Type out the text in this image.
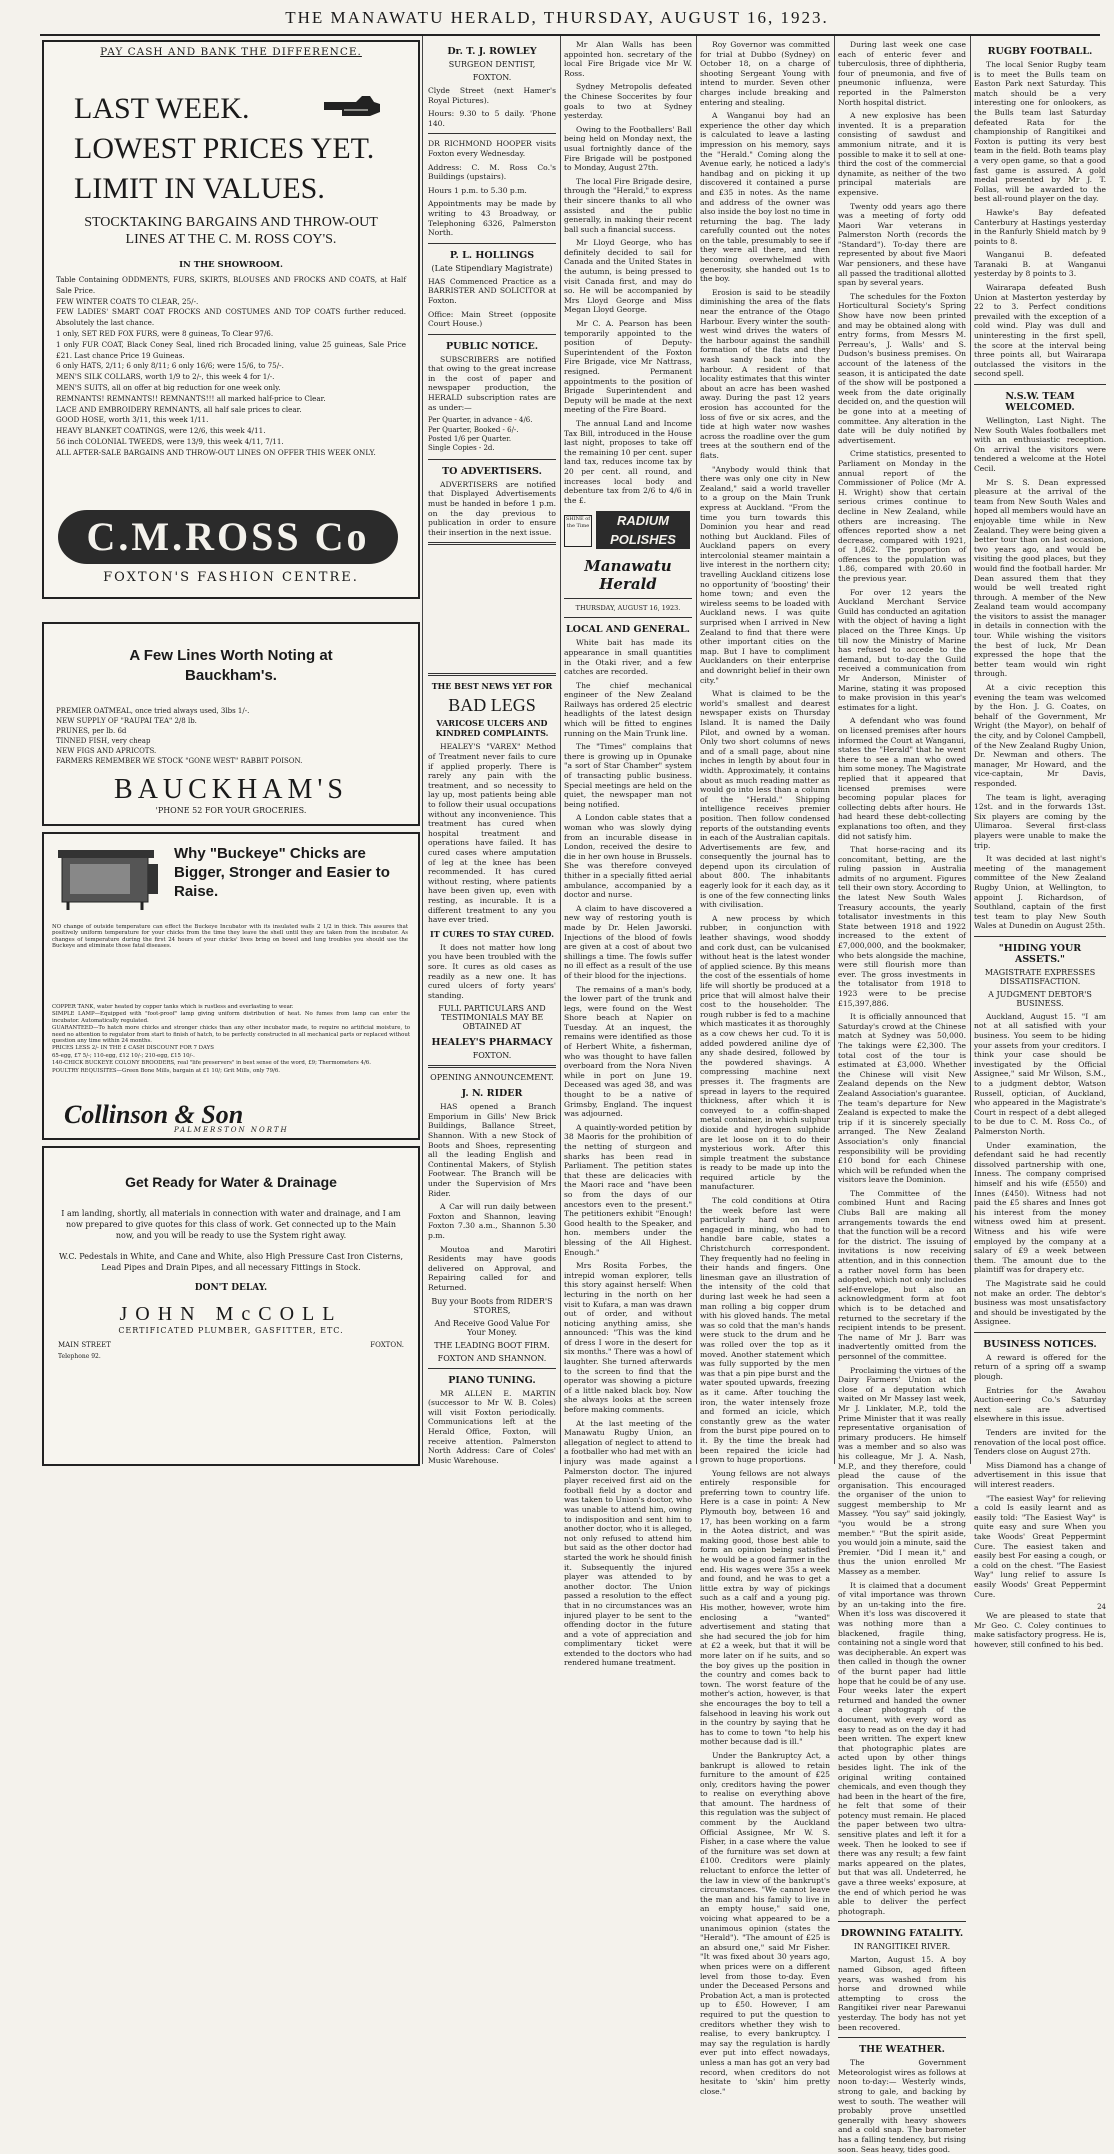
THE MANAWATU HERALD, THURSDAY, AUGUST 16, 1923.
PAY CASH AND BANK THE DIFFERENCE.
LAST WEEK.
LOWEST PRICES YET.
LIMIT IN VALUES.
STOCKTAKING BARGAINS AND THROW-OUT LINES AT THE C. M. ROSS COY'S.
IN THE SHOWROOM.

Table Containing ODDMENTS, FURS, SKIRTS, BLOUSES AND FROCKS AND COATS, at Half Sale Price.

FEW WINTER COATS TO CLEAR, 25/-.

FEW LADIES' SMART COAT FROCKS AND COSTUMES AND TOP COATS further reduced. Absolutely the last chance.

1 only, SET RED FOX FURS, were 8 guineas, To Clear 97/6.

1 only FUR COAT, Black Coney Seal, lined rich Brocaded lining, value 25 guineas, Sale Price £21. Last chance Price 19 Guineas.

6 only HATS, 2/11; 6 only 8/11; 6 only 16/6; were 15/6, to 75/-.

MEN'S SILK COLLARS, worth 1/9 to 2/-, this week 4 for 1/-.

MEN'S SUITS, all on offer at big reduction for one week only.

REMNANTS! REMNANTS!! REMNANTS!!! all marked half-price to Clear.

LACE AND EMBROIDERY REMNANTS, all half sale prices to clear.

GOOD HOSE, worth 3/11, this week 1/11.

HEAVY BLANKET COATINGS, were 12/6, this week 4/11.

56 inch COLONIAL TWEEDS, were 13/9, this week 4/11, 7/11.

ALL AFTER-SALE BARGAINS AND THROW-OUT LINES ON OFFER THIS WEEK ONLY.

C.M.ROSS Co
FOXTON'S FASHION CENTRE.
A Few Lines Worth Noting at Bauckham's.

PREMIER OATMEAL, once tried always used, 3lbs 1/-.

NEW SUPPLY OF "RAUPAI TEA" 2/8 lb.

PRUNES, per lb. 6d

TINNED FISH, very cheap

NEW FIGS AND APRICOTS.

FARMERS REMEMBER WE STOCK "GONE WEST" RABBIT POISON.

BAUCKHAM'S
'PHONE 52 FOR YOUR GROCERIES.
Why "Buckeye" Chicks are Bigger, Stronger and Easier to Raise.

NO change of outside temperature can effect the Buckeye Incubator with its insulated walls 2 1/2 in thick. This assures that positively uniform temperature for your chicks from the time they leave the shell until they are taken from the incubator. As changes of temperature during the first 24 hours of your chicks' lives bring on bowel and lung troubles you should use the Buckeye and eliminate those fatal diseases.

COPPER TANK, water heated by copper tanks which is rustless and everlasting to wear.

SIMPLE LAMP—Equipped with "foot-proof" lamp giving uniform distribution of heat. No fumes from lamp can enter the incubator. Automatically regulated.

GUARANTEED—To hatch more chicks and stronger chicks than any other incubator made, to require no artificial moisture, to need no attention to regulator from start to finish of hatch, to be perfectly constructed in all mechanical parts or replaced without question any time within 24 months.

PRICES LESS 2/- IN THE £ CASH DISCOUNT FOR 7 DAYS

65-egg, £7 5/-; 110-egg, £12 10/-; 210-egg, £15 10/-.

140-CHICK BUCKEYE COLONY BROODERS, real "life preservers" in best sense of the word, £9; Thermometers 4/6.

POULTRY REQUISITES—Green Bone Mills, bargain at £1 10/; Grit Mills, only 79/6.

Collinson & Son
PALMERSTON NORTH
Get Ready for Water & Drainage

I am landing, shortly, all materials in connection with water and drainage, and I am now prepared to give quotes for this class of work. Get connected up to the Main now, and you will be ready to use the System right away.

W.C. Pedestals in White, and Cane and White, also High Pressure Cast Iron Cisterns, Lead Pipes and Drain Pipes, and all necessary Fittings in Stock.

DON'T DELAY.
JOHN McCOLL
CERTIFICATED PLUMBER, GASFITTER, ETC.
MAIN STREET	FOXTON.
Telephone 92.
Dr. T. J. ROWLEY
SURGEON DENTIST,
FOXTON.

Clyde Street (next Hamer's Royal Pictures).

Hours: 9.30 to 5 daily. 'Phone 140.

DR RICHMOND HOOPER visits Foxton every Wednesday.

Address: C. M. Ross Co.'s Buildings (upstairs).

Hours 1 p.m. to 5.30 p.m.

Appointments may be made by writing to 43 Broadway, or Telephoning 6326, Palmerston North.

P. L. HOLLINGS
(Late Stipendiary Magistrate)

HAS Commenced Practice as a BARRISTER AND SOLICITOR at Foxton.

Office: Main Street (opposite Court House.)

PUBLIC NOTICE.

SUBSCRIBERS are notified that owing to the great increase in the cost of paper and newspaper production, the HERALD subscription rates are as under:—

Per Quarter, in advance - 4/6.

Per Quarter, Booked - 6/-.

Posted 1/6 per Quarter.

Single Copies - 2d.

TO ADVERTISERS.

ADVERTISERS are notified that Displayed Advertisements must be handed in before 1 p.m. on the day previous to publication in order to ensure their insertion in the next issue.

THE BEST NEWS YET FOR
BAD LEGS
VARICOSE ULCERS AND KINDRED COMPLAINTS.

HEALEY'S "VAREX" Method of Treatment never fails to cure if applied properly. There is rarely any pain with the treatment, and so necessity to lay up, most patients being able to follow their usual occupations without any inconvenience. This treatment has cured when hospital treatment and operations have failed. It has cured cases where amputation of leg at the knee has been recommended. It has cured without resting, where patients have been given up, even with resting, as incurable. It is a different treatment to any you have ever tried.

IT CURES TO STAY CURED.

It does not matter how long you have been troubled with the sore. It cures as old cases as readily as a new one. It has cured ulcers of forty years' standing.

FULL PARTICULARS AND TESTIMONIALS MAY BE OBTAINED AT
HEALEY'S PHARMACY
FOXTON.
OPENING ANNOUNCEMENT.
J. N. RIDER

HAS opened a Branch Emporium in Gills' New Brick Buildings, Ballance Street, Shannon. With a new Stock of Boots and Shoes, representing all the leading English and Continental Makers, of Stylish Footwear. The Branch will be under the Supervision of Mrs Rider.

A Car will run daily between Foxton and Shannon, leaving Foxton 7.30 a.m., Shannon 5.30 p.m.

Moutoa and Marotiri Residents may have goods delivered on Approval, and Repairing called for and Returned.

Buy your Boots from RIDER'S STORES,
And Receive Good Value For Your Money.
THE LEADING BOOT FIRM.
FOXTON AND SHANNON.
PIANO TUNING.

MR ALLEN E. MARTIN (successor to Mr W. B. Coles) will visit Foxton periodically. Communications left at the Herald Office, Foxton, will receive attention. Palmerston North Address: Care of Coles' Music Warehouse.

Mr Alan Walls has been appointed hon. secretary of the local Fire Brigade vice Mr W. Ross.

Sydney Metropolis defeated the Chinese Soccerites by four goals to two at Sydney yesterday.

Owing to the Footballers' Ball being held on Monday next, the usual fortnightly dance of the Fire Brigade will be postponed to Monday, August 27th.

The local Fire Brigade desire, through the "Herald," to express their sincere thanks to all who assisted and the public generally, in making their recent ball such a financial success.

Mr Lloyd George, who has definitely decided to sail for Canada and the United States in the autumn, is being pressed to visit Canada first, and may do so. He will be accompanied by Mrs Lloyd George and Miss Megan Lloyd George.

Mr C. A. Pearson has been temporarily appointed to the position of Deputy-Superintendent of the Foxton Fire Brigade, vice Mr Nattrass, resigned. Permanent appointments to the position of Brigade Superintendent and Deputy will be made at the next meeting of the Fire Board.

The annual Land and Income Tax Bill, introduced in the House last night, proposes to take off the remaining 10 per cent. super land tax, reduces income tax by 20 per cent. all round, and increases local body and debenture tax from 2/6 to 4/6 in the £.

SHINE of the Time	RADIUM POLISHES
Manawatu Herald
THURSDAY, AUGUST 16, 1923.
LOCAL AND GENERAL.

White bait has made its appearance in small quantities in the Otaki river, and a few catches are recorded.

The chief mechanical engineer of the New Zealand Railways has ordered 25 electric headlights of the latest design which will be fitted to engines running on the Main Trunk line.

The "Times" complains that there is growing up in Opunake "a sort of Star Chamber" system of transacting public business. Special meetings are held on the quiet, the newspaper man not being notified.

A London cable states that a woman who was slowly dying from an incurable disease in London, received the desire to die in her own house in Brussels. She was therefore conveyed thither in a specially fitted aerial ambulance, accompanied by a doctor and nurse.

A claim to have discovered a new way of restoring youth is made by Dr. Helen Jaworski. Injections of the blood of fowls are given at a cost of about two shillings a time. The fowls suffer no ill effect as a result of the use of their blood for the injections.

The remains of a man's body, the lower part of the trunk and legs, were found on the West Shore beach at Napier on Tuesday. At an inquest, the remains were identified as those of Herbert White, a fisherman, who was thought to have fallen overboard from the Nora Niven while in port on June 19. Deceased was aged 38, and was thought to be a native of Grimsby, England. The inquest was adjourned.

A quaintly-worded petition by 38 Maoris for the prohibition of the netting of sturgeon and sharks has been read in Parliament. The petition states that these are delicacies with the Maori race and "have been so from the days of our ancestors even to the present." The petitioners exhibit "Enough! Good health to the Speaker, and hon. members under the blessing of the All Highest. Enough."

Mrs Rosita Forbes, the intrepid woman explorer, tells this story against herself: When lecturing in the north on her visit to Kufara, a man was drawn out of order, and without noticing anything amiss, she announced: "This was the kind of dress I wore in the desert for six months." There was a howl of laughter. She turned afterwards to the screen to find that the operator was showing a picture of a little naked black boy. Now she always looks at the screen before making comments.

At the last meeting of the Manawatu Rugby Union, an allegation of neglect to attend to a footballer who had met with an injury was made against a Palmerston doctor. The injured player received first aid on the football field by a doctor and was taken to Union's doctor, who was unable to attend him, owing to indisposition and sent him to another doctor, who it is alleged, not only refused to attend him but said as the other doctor had started the work he should finish it. Subsequently the injured player was attended to by another doctor. The Union passed a resolution to the effect that in no circumstances was an injured player to be sent to the offending doctor in the future and a vote of appreciation and complimentary ticket were extended to the doctors who had rendered humane treatment.

Roy Governor was committed for trial at Dubbo (Sydney) on October 18, on a charge of shooting Sergeant Young with intend to murder. Seven other charges include breaking and entering and stealing.

A Wanganui boy had an experience the other day which is calculated to leave a lasting impression on his memory, says the "Herald." Coming along the Avenue early, he noticed a lady's handbag and on picking it up discovered it contained a purse and £35 in notes. As the name and address of the owner was also inside the boy lost no time in returning the bag. The lady carefully counted out the notes on the table, presumably to see if they were all there, and then becoming overwhelmed with generosity, she handed out 1s to the boy.

Erosion is said to be steadily diminishing the area of the flats near the entrance of the Otago Harbour. Every winter the south-west wind drives the waters of the harbour against the sandhill formation of the flats and they wash sandy back into the harbour. A resident of that locality estimates that this winter about an acre has been washed away. During the past 12 years erosion has accounted for the loss of five or six acres, and the tide at high water now washes across the roadline over the gum trees at the southern end of the flats.

"Anybody would think that there was only one city in New Zealand," said a world traveller to a group on the Main Trunk express at Auckland. "From the time you turn towards this Dominion you hear and read nothing but Auckland. Files of Auckland papers on every intercolonial steamer maintain a live interest in the northern city; travelling Auckland citizens lose no opportunity of 'boosting' their home town; and even the wireless seems to be loaded with Auckland news. I was quite surprised when I arrived in New Zealand to find that there were other important cities on the map. But I have to compliment Aucklanders on their enterprise and downright belief in their own city."

What is claimed to be the world's smallest and dearest newspaper exists on Thursday Island. It is named the Daily Pilot, and owned by a woman. Only two short columns of news and of a small page, about nine inches in length by about four in width. Approximately, it contains about as much reading matter as would go into less than a column of the "Herald." Shipping intelligence receives premier position. Then follow condensed reports of the outstanding events in each of the Australian capitals. Advertisements are few, and consequently the journal has to depend upon its circulation of about 800. The inhabitants eagerly look for it each day, as it is one of the few connecting links with civilisation.

A new process by which rubber, in conjunction with leather shavings, wood shoddy and cork dust, can be vulcanised without heat is the latest wonder of applied science. By this means the cost of the essentials of home life will shortly be produced at a price that will almost halve their cost to the householder. The rough rubber is fed to a machine which masticates it as thoroughly as a cow chews her cud. To it is added powdered aniline dye of any shade desired, followed by the powdered shavings. A compressing machine next presses it. The fragments are spread in layers to the required thickness, after which it is conveyed to a coffin-shaped metal container, in which sulphur dioxide and hydrogen sulphide are let loose on it to do their mysterious work. After this simple treatment the substance is ready to be made up into the required article by the manufacturer.

The cold conditions at Otira the week before last were particularly hard on men engaged in mining, who had to handle bare cable, states a Christchurch correspondent. They frequently had no feeling in their hands and fingers. One linesman gave an illustration of the intensity of the cold that during last week he had seen a man rolling a big copper drum with his gloved hands. The metal was so cold that the man's hands were stuck to the drum and he was rolled over the top as it moved. Another statement which was fully supported by the men was that a pin pipe burst and the water spouted upwards, freezing as it came. After touching the iron, the water intensely froze and formed an icicle, which constantly grew as the water from the burst pipe poured on to it. By the time the break had been repaired the icicle had grown to huge proportions.

Young fellows are not always entirely responsible for preferring town to country life. Here is a case in point: A New Plymouth boy, between 16 and 17, has been working on a farm in the Aotea district, and was making good, those best able to form an opinion being satisfied he would be a good farmer in the end. His wages were 35s a week and found, and he was to get a little extra by way of pickings such as a calf and a young pig. His mother, however, wrote him enclosing a "wanted" advertisement and stating that she had secured the job for him at £2 a week, but that it will be more later on if he suits, and so the boy gives up the position in the country and comes back to town. The worst feature of the mother's action, however, is that she encourages the boy to tell a falsehood in leaving his work out in the country by saying that he has to come to town "to help his mother because dad is ill."

Under the Bankruptcy Act, a bankrupt is allowed to retain furniture to the amount of £25 only, creditors having the power to realise on everything above that amount. The hardness of this regulation was the subject of comment by the Auckland Official Assignee, Mr W. S. Fisher, in a case where the value of the furniture was set down at £100. Creditors were plainly reluctant to enforce the letter of the law in view of the bankrupt's circumstances. "We cannot leave the man and his family to live in an empty house," said one, voicing what appeared to be a unanimous opinion (states the "Herald"). "The amount of £25 is an absurd one," said Mr Fisher. "It was fixed about 30 years ago, when prices were on a different level from those to-day. Even under the Deceased Persons and Probation Act, a man is protected up to £50. However, I am required to put the question to creditors whether they wish to realise, to every bankruptcy. I may say the regulation is hardly ever put into effect nowadays, unless a man has got an very bad record, when creditors do not hesitate to 'skin' him pretty close."

During last week one case each of enteric fever and tuberculosis, three of diphtheria, four of pneumonia, and five of pneumonic influenza, were reported in the Palmerston North hospital district.

A new explosive has been invented. It is a preparation consisting of sawdust and ammonium nitrate, and it is possible to make it to sell at one-third the cost of the commercial dynamite, as neither of the two principal materials are expensive.

Twenty odd years ago there was a meeting of forty odd Maori War veterans in Palmerston North (records the "Standard"). To-day there are represented by about five Maori War pensioners, and these have all passed the traditional allotted span by several years.

The schedules for the Foxton Horticultural Society's Spring Show have now been printed and may be obtained along with entry forms, from Messrs M. Perreau's, J. Walls' and S. Dudson's business premises. On account of the lateness of the season, it is anticipated the date of the show will be postponed a week from the date originally decided on, and the question will be gone into at a meeting of committee. Any alteration in the date will be duly notified by advertisement.

Crime statistics, presented to Parliament on Monday in the annual report of the Commissioner of Police (Mr A. H. Wright) show that certain serious crimes continue to decline in New Zealand, while others are increasing. The offences reported show a net decrease, compared with 1921, of 1,862. The proportion of offences to the population was 1.86, compared with 20.60 in the previous year.

For over 12 years the Auckland Merchant Service Guild has conducted an agitation with the object of having a light placed on the Three Kings. Up till now the Ministry of Marine has refused to accede to the demand, but to-day the Guild received a communication from Mr Anderson, Minister of Marine, stating it was proposed to make provision in this year's estimates for a light.

A defendant who was found on licensed premises after hours informed the Court at Wanganui, states the "Herald" that he went there to see a man who owed him some money. The Magistrate replied that it appeared that licensed premises were becoming popular places for collecting debts after hours. He had heard these debt-collecting explanations too often, and they did not satisfy him.

That horse-racing and its concomitant, betting, are the ruling passion in Australia admits of no argument. Figures tell their own story. According to the latest New South Wales Treasury accounts, the yearly totalisator investments in this State between 1918 and 1922 increased to the extent of £7,000,000, and the bookmaker, who bets alongside the machine, were still flourish more than ever. The gross investments in the totalisator from 1918 to 1923 were to be precise £15,397,886.

It is officially announced that Saturday's crowd at the Chinese match at Sydney was 50,000. The takings were £2,300. The total cost of the tour is estimated at £3,000. Whether the Chinese will visit New Zealand depends on the New Zealand Association's guarantee. The team's departure for New Zealand is expected to make the trip if it is sincerely specially arranged. The New Zealand Association's only financial responsibility will be providing £10 bond for each Chinese which will be refunded when the visitors leave the Dominion.

The Committee of the combined Hunt and Racing Clubs Ball are making all arrangements towards the end that the function will be a record for the district. The issuing of invitations is now receiving attention, and in this connection a rather novel form has been adopted, which not only includes self-envelope, but also an acknowledgment form at foot which is to be detached and returned to the secretary if the recipient intends to be present. The name of Mr J. Barr was inadvertently omitted from the personnel of the committee.

Proclaiming the virtues of the Dairy Farmers' Union at the close of a deputation which waited on Mr Massey last week, Mr J. Linklater, M.P., told the Prime Minister that it was really representative organisation of primary producers. He himself was a member and so also was his colleague, Mr J. A. Nash, M.P., and they therefore, could plead the cause of the organisation. This encouraged the organiser of the union to suggest membership to Mr Massey. "You say" said jokingly, "you would be a strong member." "But the spirit aside, you would join a minute, said the Premier. "Did I mean it," and thus the union enrolled Mr Massey as a member.

It is claimed that a document of vital importance was thrown by an un-taking into the fire. When it's loss was discovered it was nothing more than a blackened, fragile thing, containing not a single word that was decipherable. An expert was then called in though the owner of the burnt paper had little hope that he could be of any use. Four weeks later the expert returned and handed the owner a clear photograph of the document, with every word as easy to read as on the day it had been written. The expert knew that photographic plates are acted upon by other things besides light. The ink of the original writing contained chemicals, and even though they had been in the heart of the fire, he felt that some of their potency must remain. He placed the paper between two ultra-sensitive plates and left it for a week. Then he looked to see if there was any result; a few faint marks appeared on the plates, but that was all. Undeterred, he gave a three weeks' exposure, at the end of which period he was able to deliver the perfect photograph.

DROWNING FATALITY.
IN RANGITIKEI RIVER.

Marton, August 15. A boy named Gibson, aged fifteen years, was washed from his horse and drowned while attempting to cross the Rangitikei river near Parewanui yesterday. The body has not yet been recovered.

THE WEATHER.

The Government Meteorologist wires as follows at noon to-day:— Westerly winds, strong to gale, and backing by west to south. The weather will probably prove unsettled generally with heavy showers and a cold snap. The barometer has a falling tendency, but rising soon. Seas heavy, tides good.

RUGBY FOOTBALL.

The local Senior Rugby team is to meet the Bulls team on Easton Park next Saturday. This match should be a very interesting one for onlookers, as the Bulls team last Saturday defeated Rata for the championship of Rangitikei and Foxton is putting its very best team in the field. Both teams play a very open game, so that a good fast game is assured. A gold medal presented by Mr J. T. Follas, will be awarded to the best all-round player on the day.

Hawke's Bay defeated Canterbury at Hastings yesterday in the Ranfurly Shield match by 9 points to 8.

Wanganui B. defeated Taranaki B. at Wanganui yesterday by 8 points to 3.

Wairarapa defeated Bush Union at Masterton yesterday by 22 to 3. Perfect conditions prevailed with the exception of a cold wind. Play was dull and uninteresting in the first spell, the score at the interval being three points all, but Wairarapa outclassed the visitors in the second spell.

N.S.W. TEAM WELCOMED.

Wellington, Last Night. The New South Wales footballers met with an enthusiastic reception. On arrival the visitors were tendered a welcome at the Hotel Cecil.

Mr S. S. Dean expressed pleasure at the arrival of the team from New South Wales and hoped all members would have an enjoyable time while in New Zealand. They were being given a better tour than on last occasion, two years ago, and would be visiting the good places, but they would find the football harder. Mr Dean assured them that they would be well treated right through. A member of the New Zealand team would accompany the visitors to assist the manager in details in connection with the tour. While wishing the visitors the best of luck, Mr Dean expressed the hope that the better team would win right through.

At a civic reception this evening the team was welcomed by the Hon. J. G. Coates, on behalf of the Government, Mr Wright (the Mayor), on behalf of the city, and by Colonel Campbell, of the New Zealand Rugby Union, Dr. Newman and others. The manager, Mr Howard, and the vice-captain, Mr Davis, responded.

The team is light, averaging 12st. and in the forwards 13st. Six players are coming by the Ulimaroa. Several first-class players were unable to make the trip.

It was decided at last night's meeting of the management committee of the New Zealand Rugby Union, at Wellington, to appoint J. Richardson, of Southland, captain of the first test team to play New South Wales at Dunedin on August 25th.

"HIDING YOUR ASSETS."
MAGISTRATE EXPRESSES DISSATISFACTION.
A JUDGMENT DEBTOR'S BUSINESS.

Auckland, August 15. "I am not at all satisfied with your business. You seem to be hiding your assets from your creditors. I think your case should be investigated by the Official Assignee," said Mr Wilson, S.M., to a judgment debtor, Watson Russell, optician, of Auckland, who appeared in the Magistrate's Court in respect of a debt alleged to be due to C. M. Ross Co., of Palmerston North.

Under examination, the defendant said he had recently dissolved partnership with one, Inness. The company comprised himself and his wife (£550) and Innes (£450). Witness had not paid the £5 shares and Innes got his interest from the money witness owed him at present. Witness and his wife were employed by the company at a salary of £9 a week between them. The amount due to the plaintiff was for drapery etc.

The Magistrate said he could not make an order. The debtor's business was most unsatisfactory and should be investigated by the Assignee.

BUSINESS NOTICES.

A reward is offered for the return of a spring off a swamp plough.

Entries for the Awahou Auction-eering Co.'s Saturday next sale are advertised elsewhere in this issue.

Tenders are invited for the renovation of the local post office. Tenders close on August 27th.

Miss Diamond has a change of advertisement in this issue that will interest readers.

"The easiest Way" for relieving a cold Is easily learnt and as easily told: "The Easiest Way" is quite easy and sure When you take Woods' Great Peppermint Cure. The easiest taken and easily best For easing a cough, or a cold on the chest. "The Easiest Way" lung relief to assure Is easily Woods' Great Peppermint Cure.

24

We are pleased to state that Mr Geo. C. Coley continues to make satisfactory progress. He is, however, still confined to his bed.
